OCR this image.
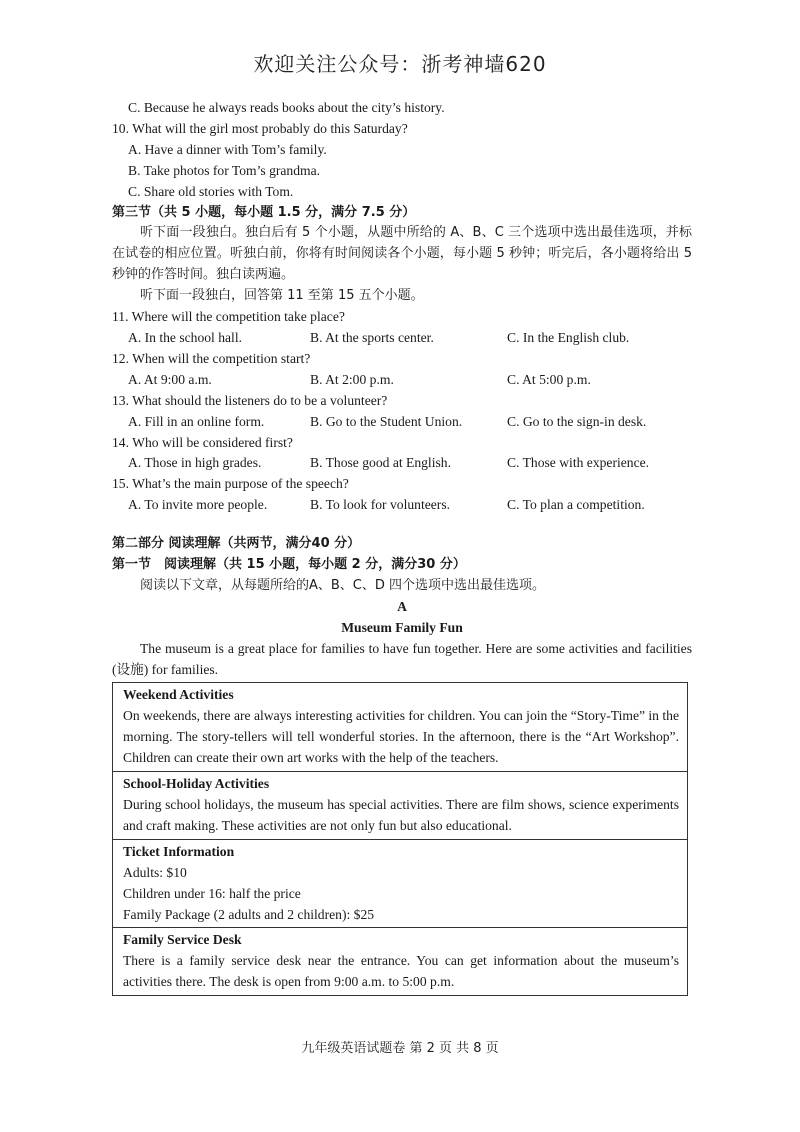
欢迎关注公众号：浙考神墙620
C. Because he always reads books about the city’s history.
10. What will the girl most probably do this Saturday?
A. Have a dinner with Tom’s family.
B. Take photos for Tom’s grandma.
C. Share old stories with Tom.
第三节（共 5 小题，每小题 1.5 分，满分 7.5 分）
听下面一段独白。独白后有 5 个小题，从题中所给的 A、B、C 三个选项中选出最佳选项，并标在试卷的相应位置。听独白前，你将有时间阅读各个小题，每小题 5 秒钟；听完后，各小题将给出 5 秒钟的作答时间。独白读两遍。
听下面一段独白，回答第 11 至第 15 五个小题。
11. Where will the competition take place?
A. In the school hall.	B. At the sports center.	C. In the English club.
12. When will the competition start?
A. At 9:00 a.m.	B. At 2:00 p.m.	C. At 5:00 p.m.
13. What should the listeners do to be a volunteer?
A. Fill in an online form.	B. Go to the Student Union.	C. Go to the sign-in desk.
14. Who will be considered first?
A. Those in high grades.	B. Those good at English.	C. Those with experience.
15. What’s the main purpose of the speech?
A. To invite more people.	B. To look for volunteers.	C. To plan a competition.
第二部分 阅读理解（共两节，满分40 分）
第一节　阅读理解（共 15 小题，每小题 2 分，满分30 分）
阅读以下文章，从每题所给的A、B、C、D 四个选项中选出最佳选项。
A
Museum Family Fun
The museum is a great place for families to have fun together. Here are some activities and facilities (设施) for families.
Weekend Activities
On weekends, there are always interesting activities for children. You can join the “Story-Time” in the morning. The story-tellers will tell wonderful stories. In the afternoon, there is the “Art Workshop”. Children can create their own art works with the help of the teachers.

School-Holiday Activities
During school holidays, the museum has special activities. There are film shows, science experiments and craft making. These activities are not only fun but also educational.

Ticket Information
Adults: $10
Children under 16: half the price
Family Package (2 adults and 2 children): $25

Family Service Desk
There is a family service desk near the entrance. You can get information about the museum’s activities there. The desk is open from 9:00 a.m. to 5:00 p.m.
九年级英语试题卷 第 2 页 共 8 页
